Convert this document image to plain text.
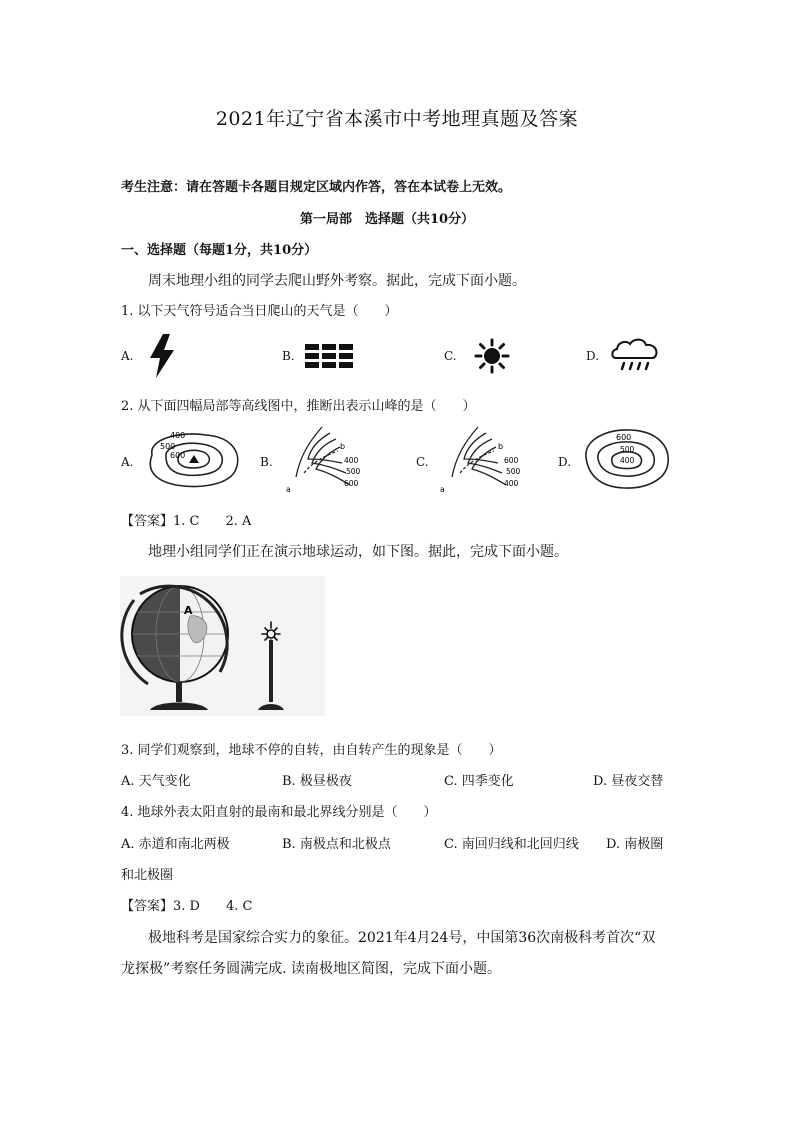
2021年辽宁省本溪市中考地理真题及答案
考生注意：请在答题卡各题目规定区域内作答，答在本试卷上无效。
第一局部　选择题（共10分）
一、选择题（每题1分，共10分）
周末地理小组的同学去爬山野外考察。据此，完成下面小题。
1. 以下天气符号适合当日爬山的天气是（　　）
A.	B.	C.	D.
2. 从下面四幅局部等高线图中，推断出表示山峰的是（　　）
A.
400
500
600	B.
b
400
500
600
a
C.
b
600
500
400
a
D.
600
500
400
【答案】1. C　　2. A
地理小组同学们正在演示地球运动，如下图。据此，完成下面小题。
A
3. 同学们观察到，地球不停的自转，由自转产生的现象是（　　）
A. 天气变化	B. 极昼极夜	C. 四季变化	D. 昼夜交替
4. 地球外表太阳直射的最南和最北界线分别是（　　）
A. 赤道和南北两极	B. 南极点和北极点	C. 南回归线和北回归线 D. 南极圈
和北极圈
【答案】3. D　　4. C
极地科考是国家综合实力的象征。2021年4月24号，中国第36次南极科考首次“双
龙探极”考察任务圆满完成. 读南极地区简图，完成下面小题。
